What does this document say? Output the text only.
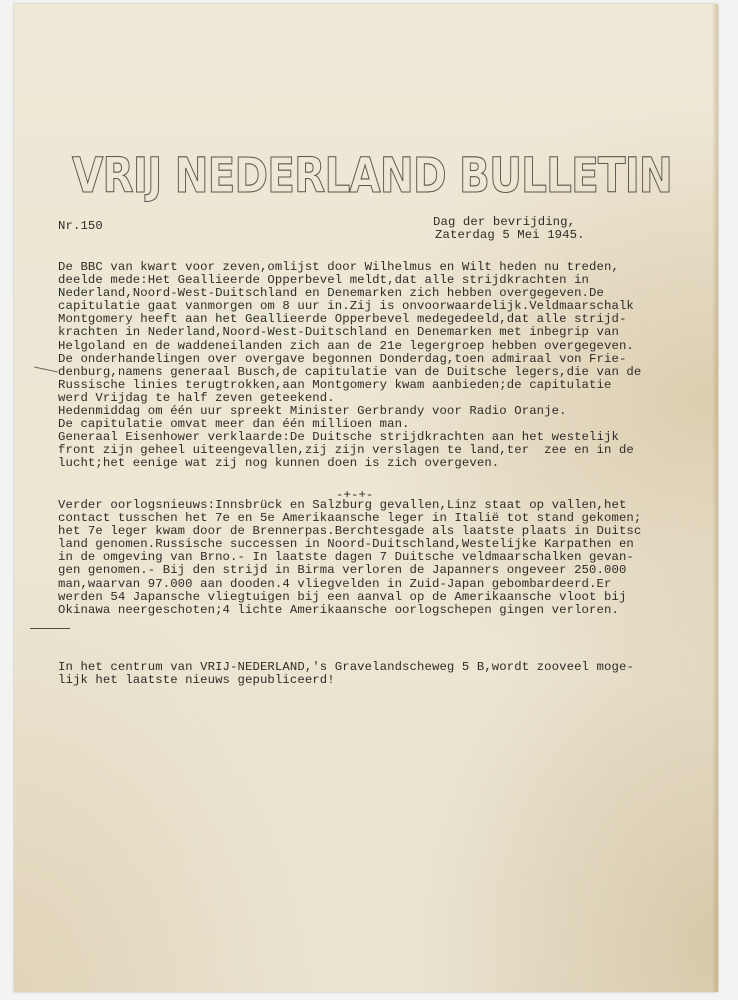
VRIJ NEDERLAND BULLETIN
Nr.150	Dag der bevrijding,
Zaterdag 5 Mei 1945.
De BBC van kwart voor zeven,omlijst door Wilhelmus en Wilt heden nu treden,
deelde mede:Het Geallieerde Opperbevel meldt,dat alle strijdkrachten in
Nederland,Noord-West-Duitschland en Denemarken zich hebben overgegeven.De
capitulatie gaat vanmorgen om 8 uur in.Zij is onvoorwaardelijk.Veldmaarschalk
Montgomery heeft aan het Geallieerde Opperbevel medegedeeld,dat alle strijd-
krachten in Nederland,Noord-West-Duitschland en Denemarken met inbegrip van
Helgoland en de waddeneilanden zich aan de 21e legergroep hebben overgegeven.
De onderhandelingen over overgave begonnen Donderdag,toen admiraal von Frie-
denburg,namens generaal Busch,de capitulatie van de Duitsche legers,die van de
Russische linies terugtrokken,aan Montgomery kwam aanbieden;de capitulatie
werd Vrijdag te half zeven geteekend.
Hedenmiddag om één uur spreekt Minister Gerbrandy voor Radio Oranje.
De capitulatie omvat meer dan één millioen man.
Generaal Eisenhower verklaarde:De Duitsche strijdkrachten aan het westelijk
front zijn geheel uiteengevallen,zij zijn verslagen te land,ter  zee en in de
lucht;het eenige wat zij nog kunnen doen is zich overgeven.
-+-+-
Verder oorlogsnieuws:Innsbrück en Salzburg gevallen,Linz staat op vallen,het
contact tusschen het 7e en 5e Amerikaansche leger in Italië tot stand gekomen;
het 7e leger kwam door de Brennerpas.Berchtesgade als laatste plaats in Duitsc
land genomen.Russische successen in Noord-Duitschland,Westelijke Karpathen en
in de omgeving van Brno.- In laatste dagen 7 Duitsche veldmaarschalken gevan-
gen genomen.- Bij den strijd in Birma verloren de Japanners ongeveer 250.000
man,waarvan 97.000 aan dooden.4 vliegvelden in Zuid-Japan gebombardeerd.Er
werden 54 Japansche vliegtuigen bij een aanval op de Amerikaansche vloot bij
Okinawa neergeschoten;4 lichte Amerikaansche oorlogschepen gingen verloren.
In het centrum van VRIJ-NEDERLAND,'s Gravelandscheweg 5 B,wordt zooveel moge-
lijk het laatste nieuws gepubliceerd!
